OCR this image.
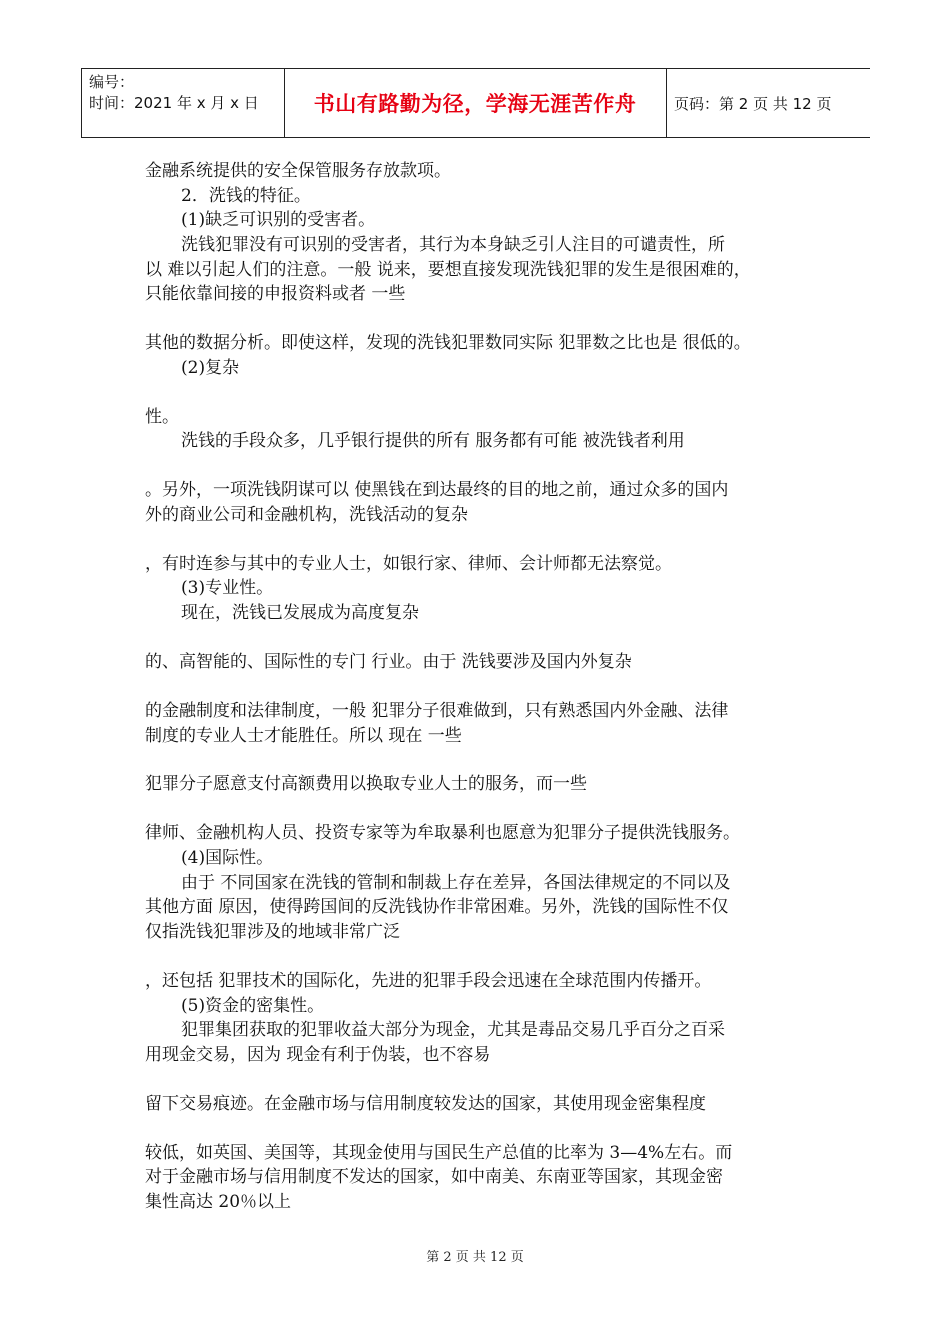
编号：
时间：2021 年 x 月 x 日	书山有路勤为径，学海无涯苦作舟	页码：第 2 页 共 12 页
金融系统提供的安全保管服务存放款项。
2．洗钱的特征。
(1)缺乏可识别的受害者。
洗钱犯罪没有可识别的受害者，其行为本身缺乏引人注目的可谴责性，所
以 难以引起人们的注意。一般 说来，要想直接发现洗钱犯罪的发生是很困难的，
只能依靠间接的申报资料或者 一些
其他的数据分析。即使这样，发现的洗钱犯罪数同实际 犯罪数之比也是 很低的。
(2)复杂
性。
洗钱的手段众多，几乎银行提供的所有 服务都有可能 被洗钱者利用
。另外，一项洗钱阴谋可以 使黑钱在到达最终的目的地之前，通过众多的国内
外的商业公司和金融机构，洗钱活动的复杂
，有时连参与其中的专业人士，如银行家、律师、会计师都无法察觉。
(3)专业性。
现在，洗钱已发展成为高度复杂
的、高智能的、国际性的专门 行业。由于 洗钱要涉及国内外复杂
的金融制度和法律制度，一般 犯罪分子很难做到，只有熟悉国内外金融、法律
制度的专业人士才能胜任。所以 现在 一些
犯罪分子愿意支付高额费用以换取专业人士的服务，而一些
律师、金融机构人员、投资专家等为牟取暴利也愿意为犯罪分子提供洗钱服务。
(4)国际性。
由于 不同国家在洗钱的管制和制裁上存在差异，各国法律规定的不同以及
其他方面 原因，使得跨国间的反洗钱协作非常困难。另外，洗钱的国际性不仅
仅指洗钱犯罪涉及的地域非常广泛
，还包括 犯罪技术的国际化，先进的犯罪手段会迅速在全球范围内传播开。
(5)资金的密集性。
犯罪集团获取的犯罪收益大部分为现金，尤其是毒品交易几乎百分之百采
用现金交易，因为 现金有利于伪装，也不容易
留下交易痕迹。在金融市场与信用制度较发达的国家，其使用现金密集程度
较低，如英国、美国等，其现金使用与国民生产总值的比率为 3—4%左右。而
对于金融市场与信用制度不发达的国家，如中南美、东南亚等国家，其现金密
集性高达 20％以上
第 2 页 共 12 页
